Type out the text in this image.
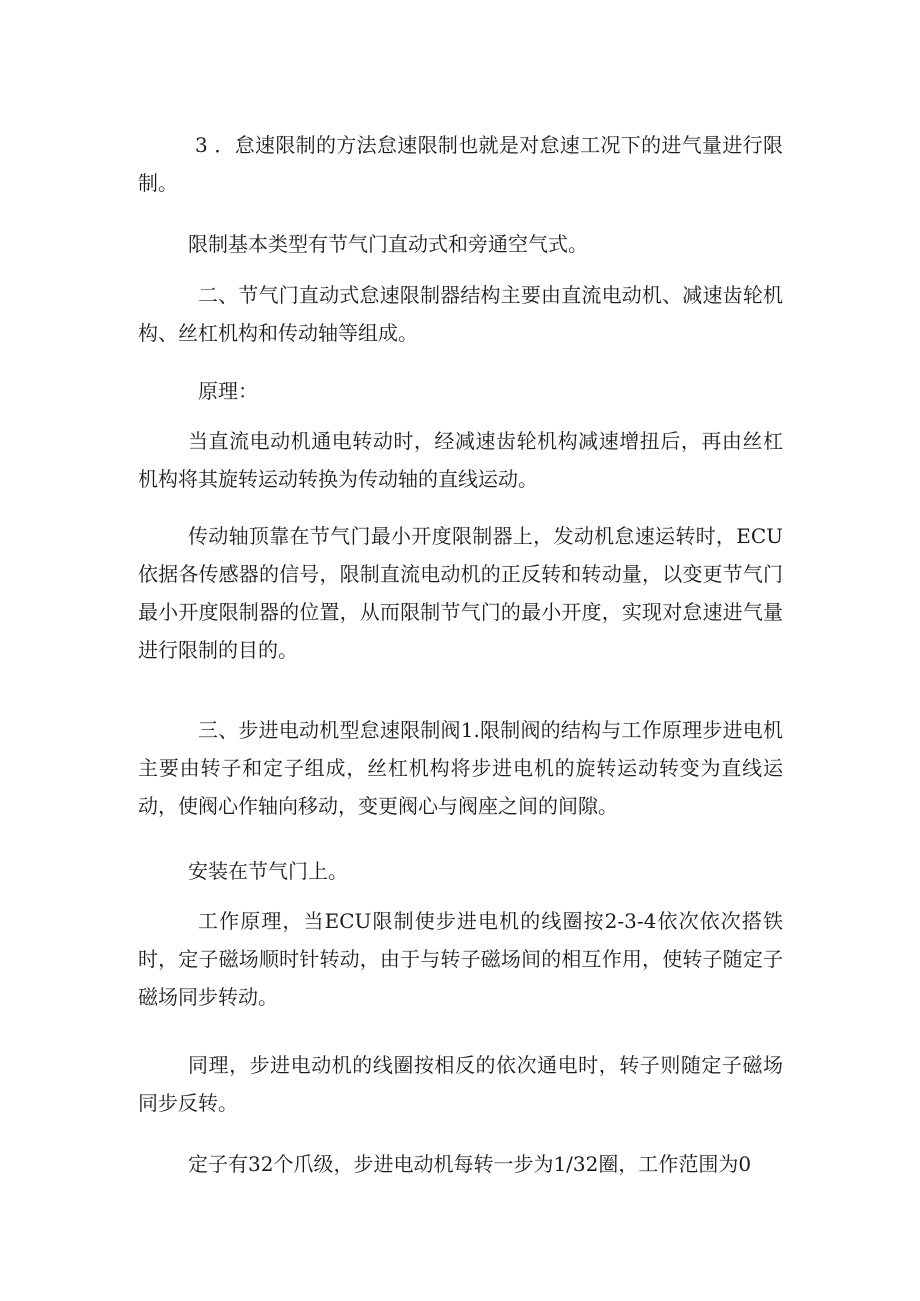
3 ．怠速限制的方法怠速限制也就是对怠速工况下的进气量进行限制。

限制基本类型有节气门直动式和旁通空气式。

二、节气门直动式怠速限制器结构主要由直流电动机、减速齿轮机构、丝杠机构和传动轴等组成。

原理：

当直流电动机通电转动时，经减速齿轮机构减速增扭后，再由丝杠机构将其旋转运动转换为传动轴的直线运动。

传动轴顶靠在节气门最小开度限制器上，发动机怠速运转时，ECU依据各传感器的信号，限制直流电动机的正反转和转动量，以变更节气门最小开度限制器的位置，从而限制节气门的最小开度，实现对怠速进气量进行限制的目的。

三、步进电动机型怠速限制阀1.限制阀的结构与工作原理步进电机主要由转子和定子组成，丝杠机构将步进电机的旋转运动转变为直线运动，使阀心作轴向移动，变更阀心与阀座之间的间隙。

安装在节气门上。

工作原理，当ECU限制使步进电机的线圈按2-3-4依次依次搭铁时，定子磁场顺时针转动，由于与转子磁场间的相互作用，使转子随定子磁场同步转动。

同理，步进电动机的线圈按相反的依次通电时，转子则随定子磁场同步反转。

定子有32个爪级，步进电动机每转一步为1/32圈，工作范围为0
